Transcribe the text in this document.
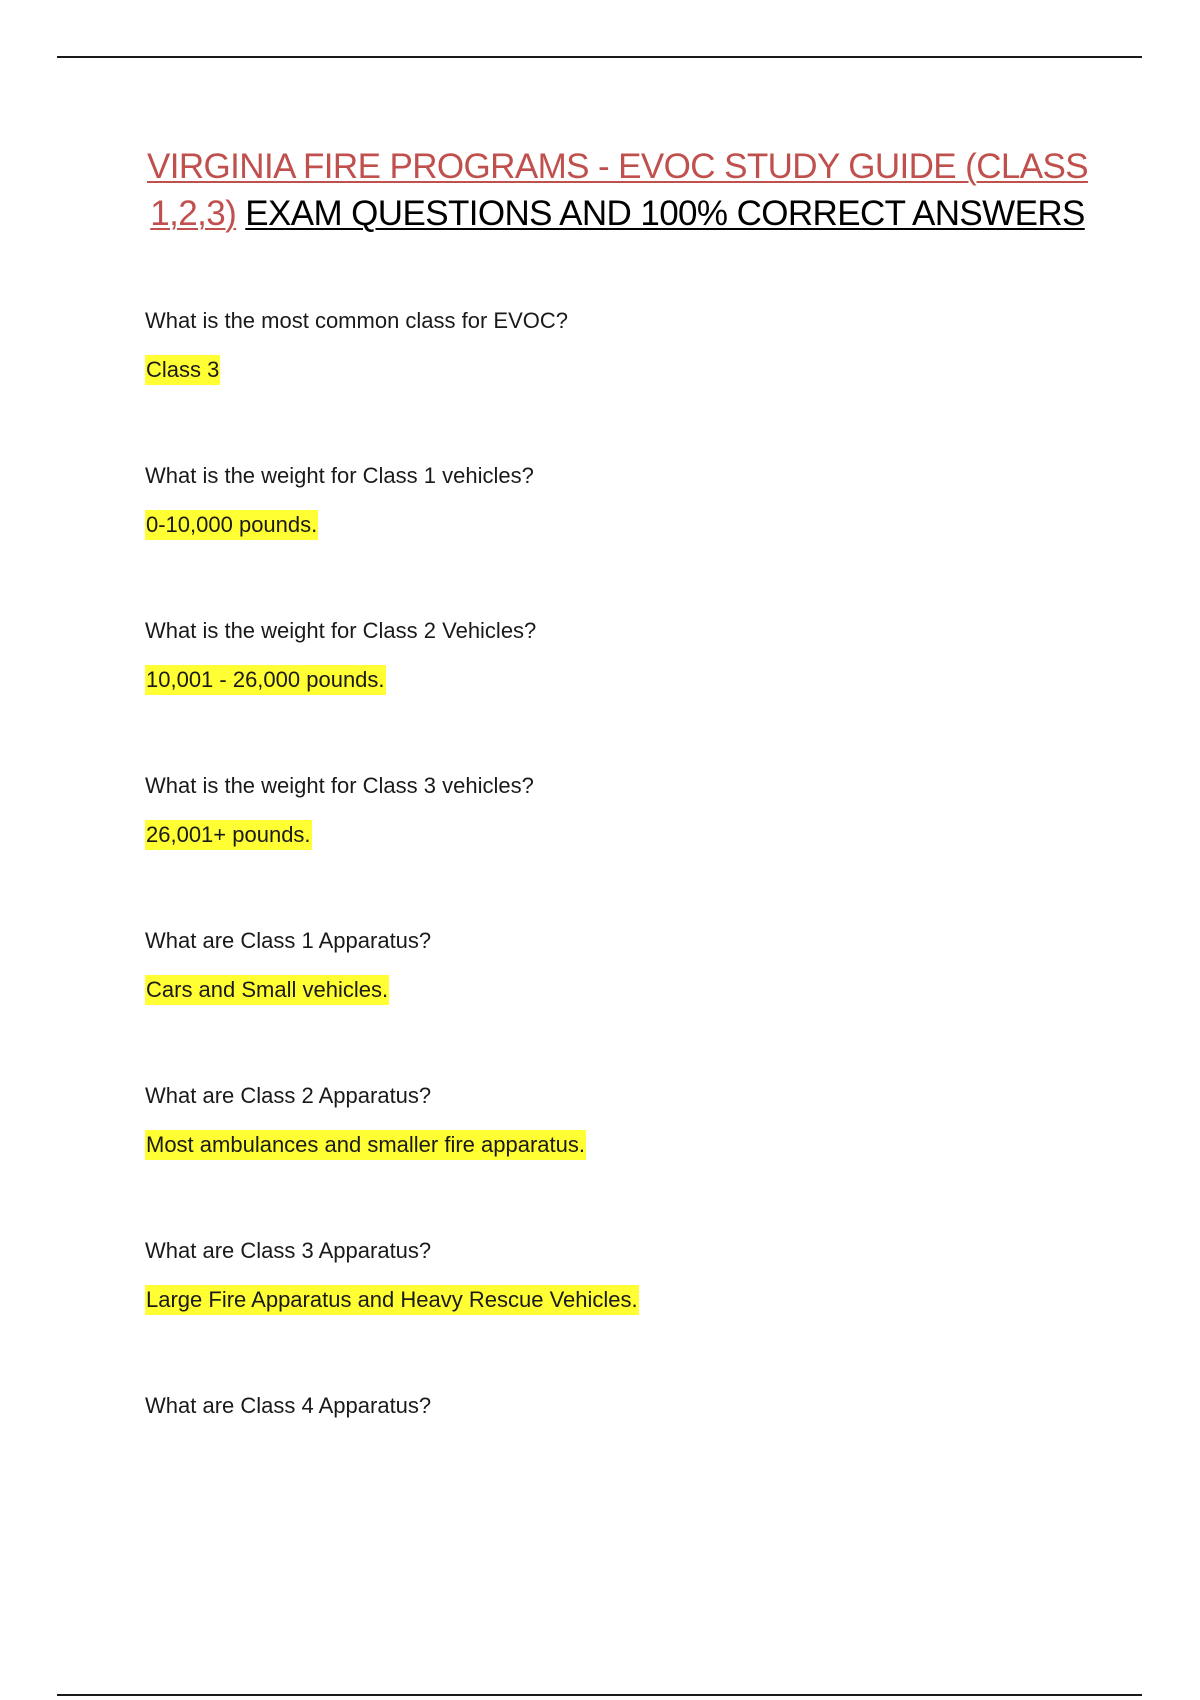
VIRGINIA FIRE PROGRAMS - EVOC STUDY GUIDE (CLASS 1,2,3) EXAM QUESTIONS AND 100% CORRECT ANSWERS

What is the most common class for EVOC?

Class 3

What is the weight for Class 1 vehicles?

0-10,000 pounds.

What is the weight for Class 2 Vehicles?

10,001 - 26,000 pounds.

What is the weight for Class 3 vehicles?

26,001+ pounds.

What are Class 1 Apparatus?

Cars and Small vehicles.

What are Class 2 Apparatus?

Most ambulances and smaller fire apparatus.

What are Class 3 Apparatus?

Large Fire Apparatus and Heavy Rescue Vehicles.

What are Class 4 Apparatus?
